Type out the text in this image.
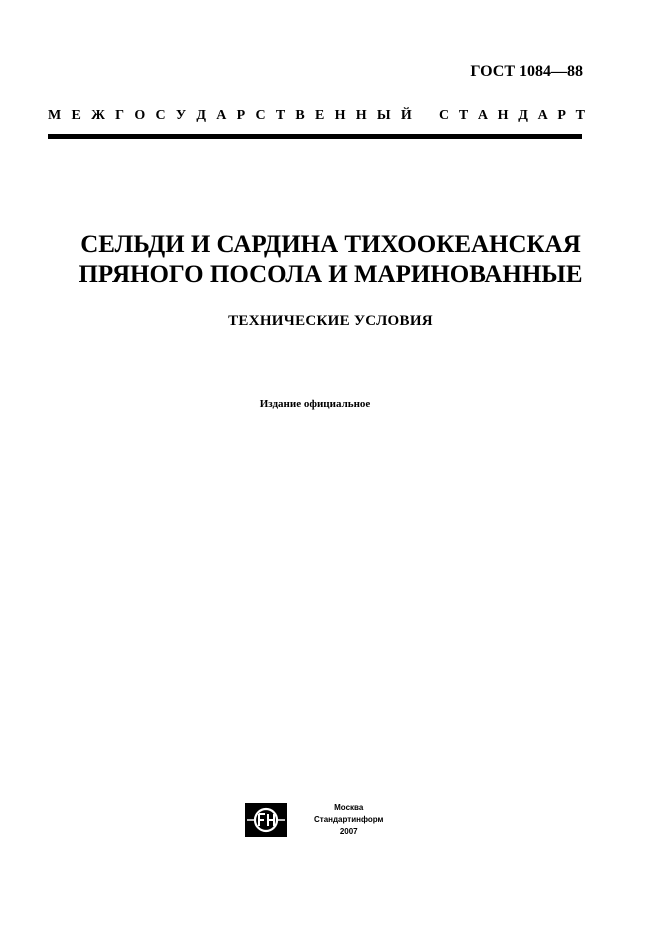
ГОСТ 1084—88
М Е Ж Г О С У Д А Р С Т В Е Н Н Ы Й С Т А Н Д А Р Т
СЕЛЬДИ И САРДИНА ТИХООКЕАНСКАЯ
ПРЯНОГО ПОСОЛА И МАРИНОВАННЫЕ
ТЕХНИЧЕСКИЕ УСЛОВИЯ
Издание официальное
Москва
Стандартинформ
2007
